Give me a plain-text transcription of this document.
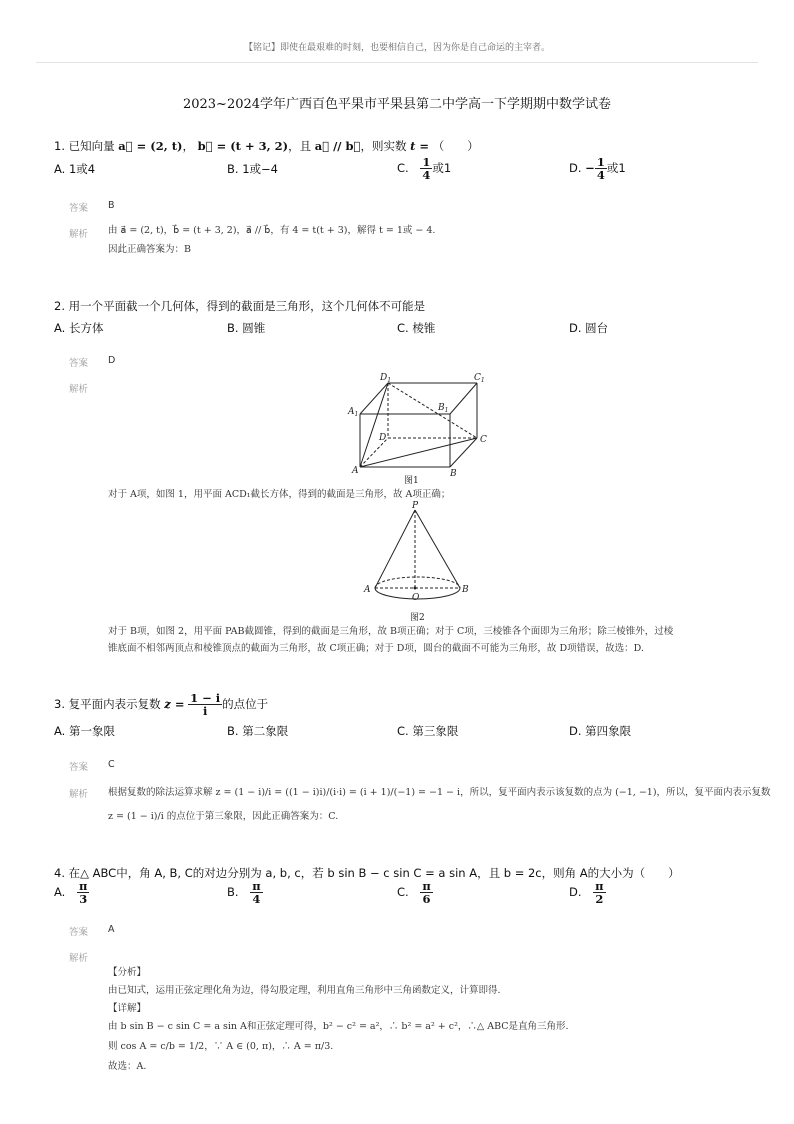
【铭记】即使在最艰难的时刻，也要相信自己，因为你是自己命运的主宰者。
2023~2024学年广西百色平果市平果县第二中学高一下学期期中数学试卷
1. 已知向量 a⃗ = (2, t)， b⃗ = (t + 3, 2)，且 a⃗ // b⃗，则实数 t = （　　）
A. 1或4	B. 1或−4	C. $\frac{1}{4}$ 或1	D. − $\frac{1}{4}$ 或1
答案 B
解析 由 a⃗ = (2, t)，b⃗ = (t + 3, 2)，a⃗ // b⃗，有 4 = t(t + 3)，解得 t = 1或 − 4.
因此正确答案为：B
2. 用一个平面截一个几何体，得到的截面是三角形，这个几何体不可能是
A. 长方体	B. 圆锥	C. 棱锥	D. 圆台
答案 D
解析
$D_1$	$C_1$
$A_1$
$B_1$
D	C
A	B
图1
对于 A项，如图 1，用平面 ACD₁截长方体，得到的截面是三角形，故 A项正确；
P
A
O
B
图2
对于 B项，如图 2，用平面 PAB截圆锥，得到的截面是三角形，故 B项正确；对于 C项，三棱锥各个面即为三角形；除三棱锥外，过棱
锥底面不相邻两顶点和棱锥顶点的截面为三角形，故 C项正确；对于 D项，圆台的截面不可能为三角形，故 D项错误，故选：D.
3. 复平面内表示复数 $z = \frac{1 - i}{i}$ 的点位于
A. 第一象限	B. 第二象限	C. 第三象限	D. 第四象限
答案 C
解析 根据复数的除法运算求解 z = (1 − i)/i = ((1 − i)i)/(i·i) = (i + 1)/(−1) = −1 − i，所以，复平面内表示该复数的点为 (−1, −1)，所以，复平面内表示复数
z = (1 − i)/i 的点位于第三象限，因此正确答案为：C.
4. 在△ ABC中，角 A, B, C的对边分别为 a, b, c，若 b sin B − c sin C = a sin A，且 b = 2c，则角 A的大小为（　　）
A. $\frac{\pi}{3}$	B. $\frac{\pi}{4}$	C. $\frac{\pi}{6}$	D. $\frac{\pi}{2}$
答案 A
解析
【分析】
由已知式，运用正弦定理化角为边，得勾股定理，利用直角三角形中三角函数定义，计算即得.
【详解】
由 b sin B − c sin C = a sin A和正弦定理可得，b² − c² = a²，∴ b² = a² + c²，∴△ ABC是直角三角形.
则 cos A = c/b = 1/2，∵ A ∈ (0, π)，∴ A = π/3.
故选：A.
